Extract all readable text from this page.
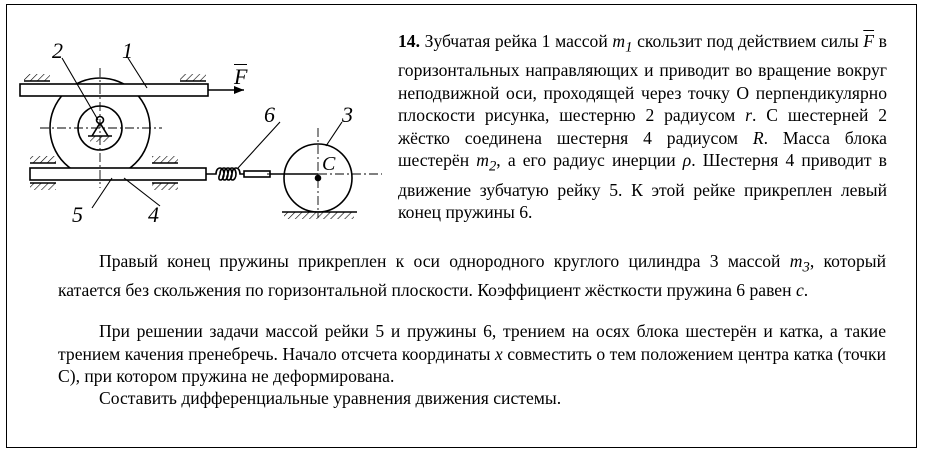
2	1
F
6	3
C
5	4

14. Зубчатая рейка 1 массой $m_1$ скользит под действием силы $\overline{F}$ в горизонтальных направляющих и приводит во вращение вокруг неподвижной оси, проходящей через точку О перпендикулярно плоскости рисунка, шестерню 2 радиусом r. С шестерней 2 жёстко соединена шестерня 4 радиусом R. Масса блока шестерён $m_2$, а его радиус инерции ρ. Шестерня 4 приводит в движение зубчатую рейку 5. К этой рейке прикреплен левый конец пружины 6.

Правый конец пружины прикреплен к оси однородного круглого цилиндра 3 массой $m_3$, который катается без скольжения по горизонтальной плоскости. Коэффициент жёсткости пружина 6 равен c.

При решении задачи массой рейки 5 и пружины 6, трением на осях блока шестерён и катка, а такие трением качения пренебречь. Начало отсчета координаты x совместить о тем положением центра катка (точки С), при котором пружина не деформирована.

Составить дифференциальные уравнения движения системы.
